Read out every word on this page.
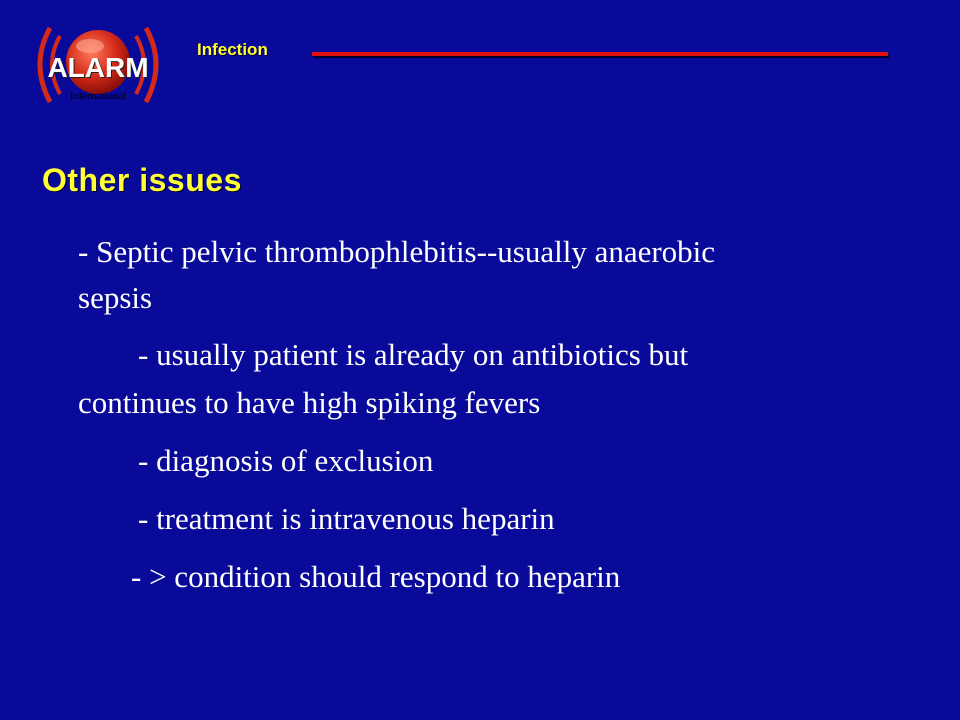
ALARM
International
Infection
Other issues
- Septic pelvic thrombophlebitis--usually anaerobic
sepsis
- usually patient is already on antibiotics but
continues to have high spiking fevers
- diagnosis of exclusion
- treatment is intravenous heparin
- > condition should respond to heparin
